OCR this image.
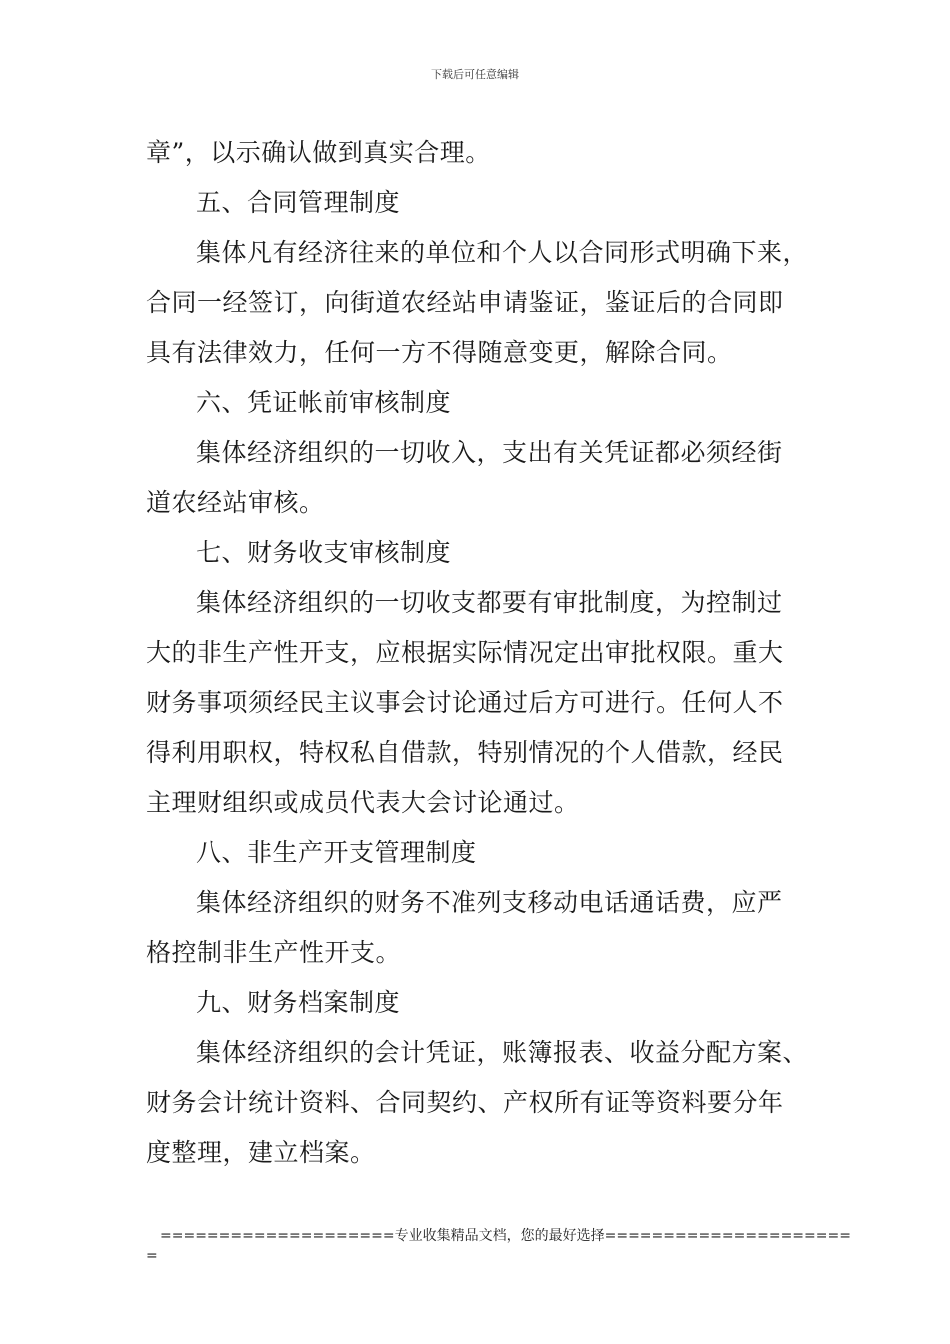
下载后可任意编辑
章”，以示确认做到真实合理。
五、合同管理制度
集体凡有经济往来的单位和个人以合同形式明确下来，
合同一经签订，向街道农经站申请鉴证，鉴证后的合同即
具有法律效力，任何一方不得随意变更，解除合同。
六、凭证帐前审核制度
集体经济组织的一切收入，支出有关凭证都必须经街
道农经站审核。
七、财务收支审核制度
集体经济组织的一切收支都要有审批制度，为控制过
大的非生产性开支，应根据实际情况定出审批权限。重大
财务事项须经民主议事会讨论通过后方可进行。任何人不
得利用职权，特权私自借款，特别情况的个人借款，经民
主理财组织或成员代表大会讨论通过。
八、非生产开支管理制度
集体经济组织的财务不准列支移动电话通话费，应严
格控制非生产性开支。
九、财务档案制度
集体经济组织的会计凭证，账簿报表、收益分配方案、
财务会计统计资料、合同契约、产权所有证等资料要分年
度整理，建立档案。
====================专业收集精品文档，您的最好选择=====================
=
